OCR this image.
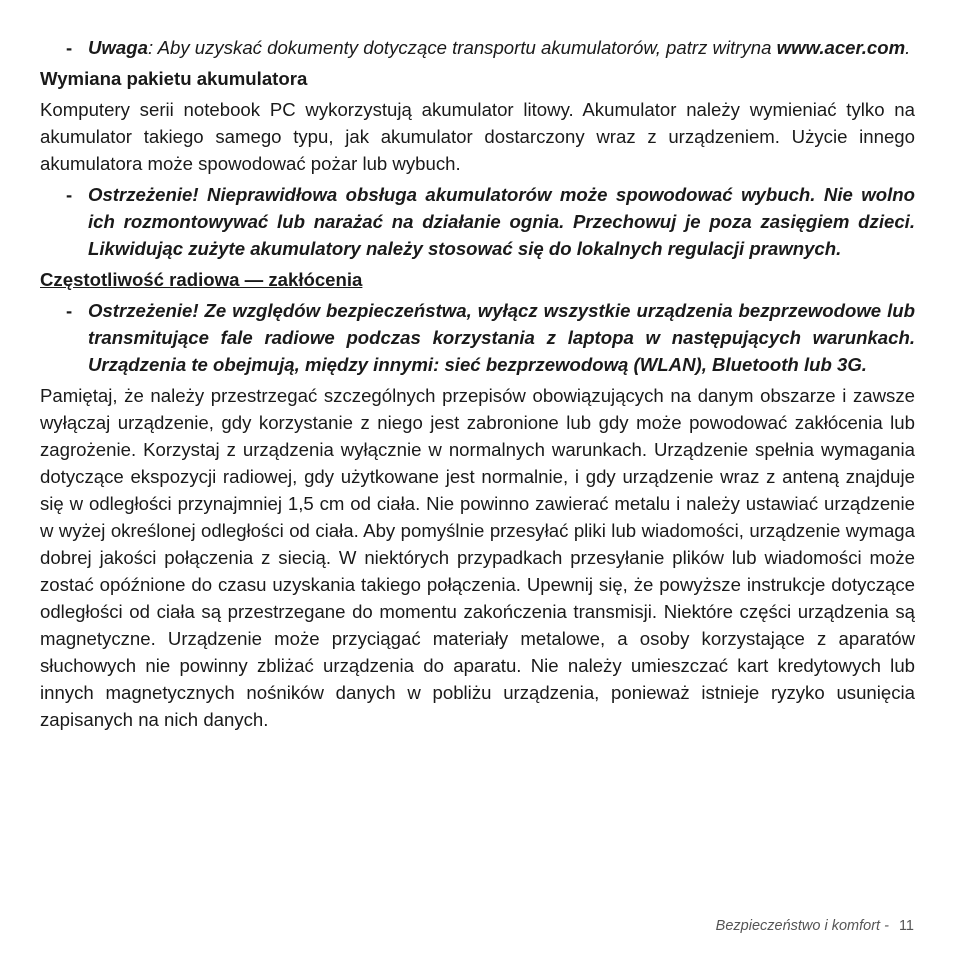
- Uwaga: Aby uzyskać dokumenty dotyczące transportu akumulatorów, patrz witryna www.acer.com.
Wymiana pakietu akumulatora

Komputery serii notebook PC wykorzystują akumulator litowy. Akumulator należy wymieniać tylko na akumulator takiego samego typu, jak akumulator dostarczony wraz z urządzeniem. Użycie innego akumulatora może spowodować pożar lub wybuch.

- Ostrzeżenie! Nieprawidłowa obsługa akumulatorów może spowodować wybuch. Nie wolno ich rozmontowywać lub narażać na działanie ognia. Przechowuj je poza zasięgiem dzieci. Likwidując zużyte akumulatory należy stosować się do lokalnych regulacji prawnych.
Częstotliwość radiowa — zakłócenia
- Ostrzeżenie! Ze względów bezpieczeństwa, wyłącz wszystkie urządzenia bezprzewodowe lub transmitujące fale radiowe podczas korzystania z laptopa w następujących warunkach. Urządzenia te obejmują, między innymi: sieć bezprzewodową (WLAN), Bluetooth lub 3G.

Pamiętaj, że należy przestrzegać szczególnych przepisów obowiązujących na danym obszarze i zawsze wyłączaj urządzenie, gdy korzystanie z niego jest zabronione lub gdy może powodować zakłócenia lub zagrożenie. Korzystaj z urządzenia wyłącznie w normalnych warunkach. Urządzenie spełnia wymagania dotyczące ekspozycji radiowej, gdy użytkowane jest normalnie, i gdy urządzenie wraz z anteną znajduje się w odległości przynajmniej 1,5 cm od ciała. Nie powinno zawierać metalu i należy ustawiać urządzenie w wyżej określonej odległości od ciała. Aby pomyślnie przesyłać pliki lub wiadomości, urządzenie wymaga dobrej jakości połączenia z siecią. W niektórych przypadkach przesyłanie plików lub wiadomości może zostać opóźnione do czasu uzyskania takiego połączenia. Upewnij się, że powyższe instrukcje dotyczące odległości od ciała są przestrzegane do momentu zakończenia transmisji. Niektóre części urządzenia są magnetyczne. Urządzenie może przyciągać materiały metalowe, a osoby korzystające z aparatów słuchowych nie powinny zbliżać urządzenia do aparatu. Nie należy umieszczać kart kredytowych lub innych magnetycznych nośników danych w pobliżu urządzenia, ponieważ istnieje ryzyko usunięcia zapisanych na nich danych.

Bezpieczeństwo i komfort - 11
